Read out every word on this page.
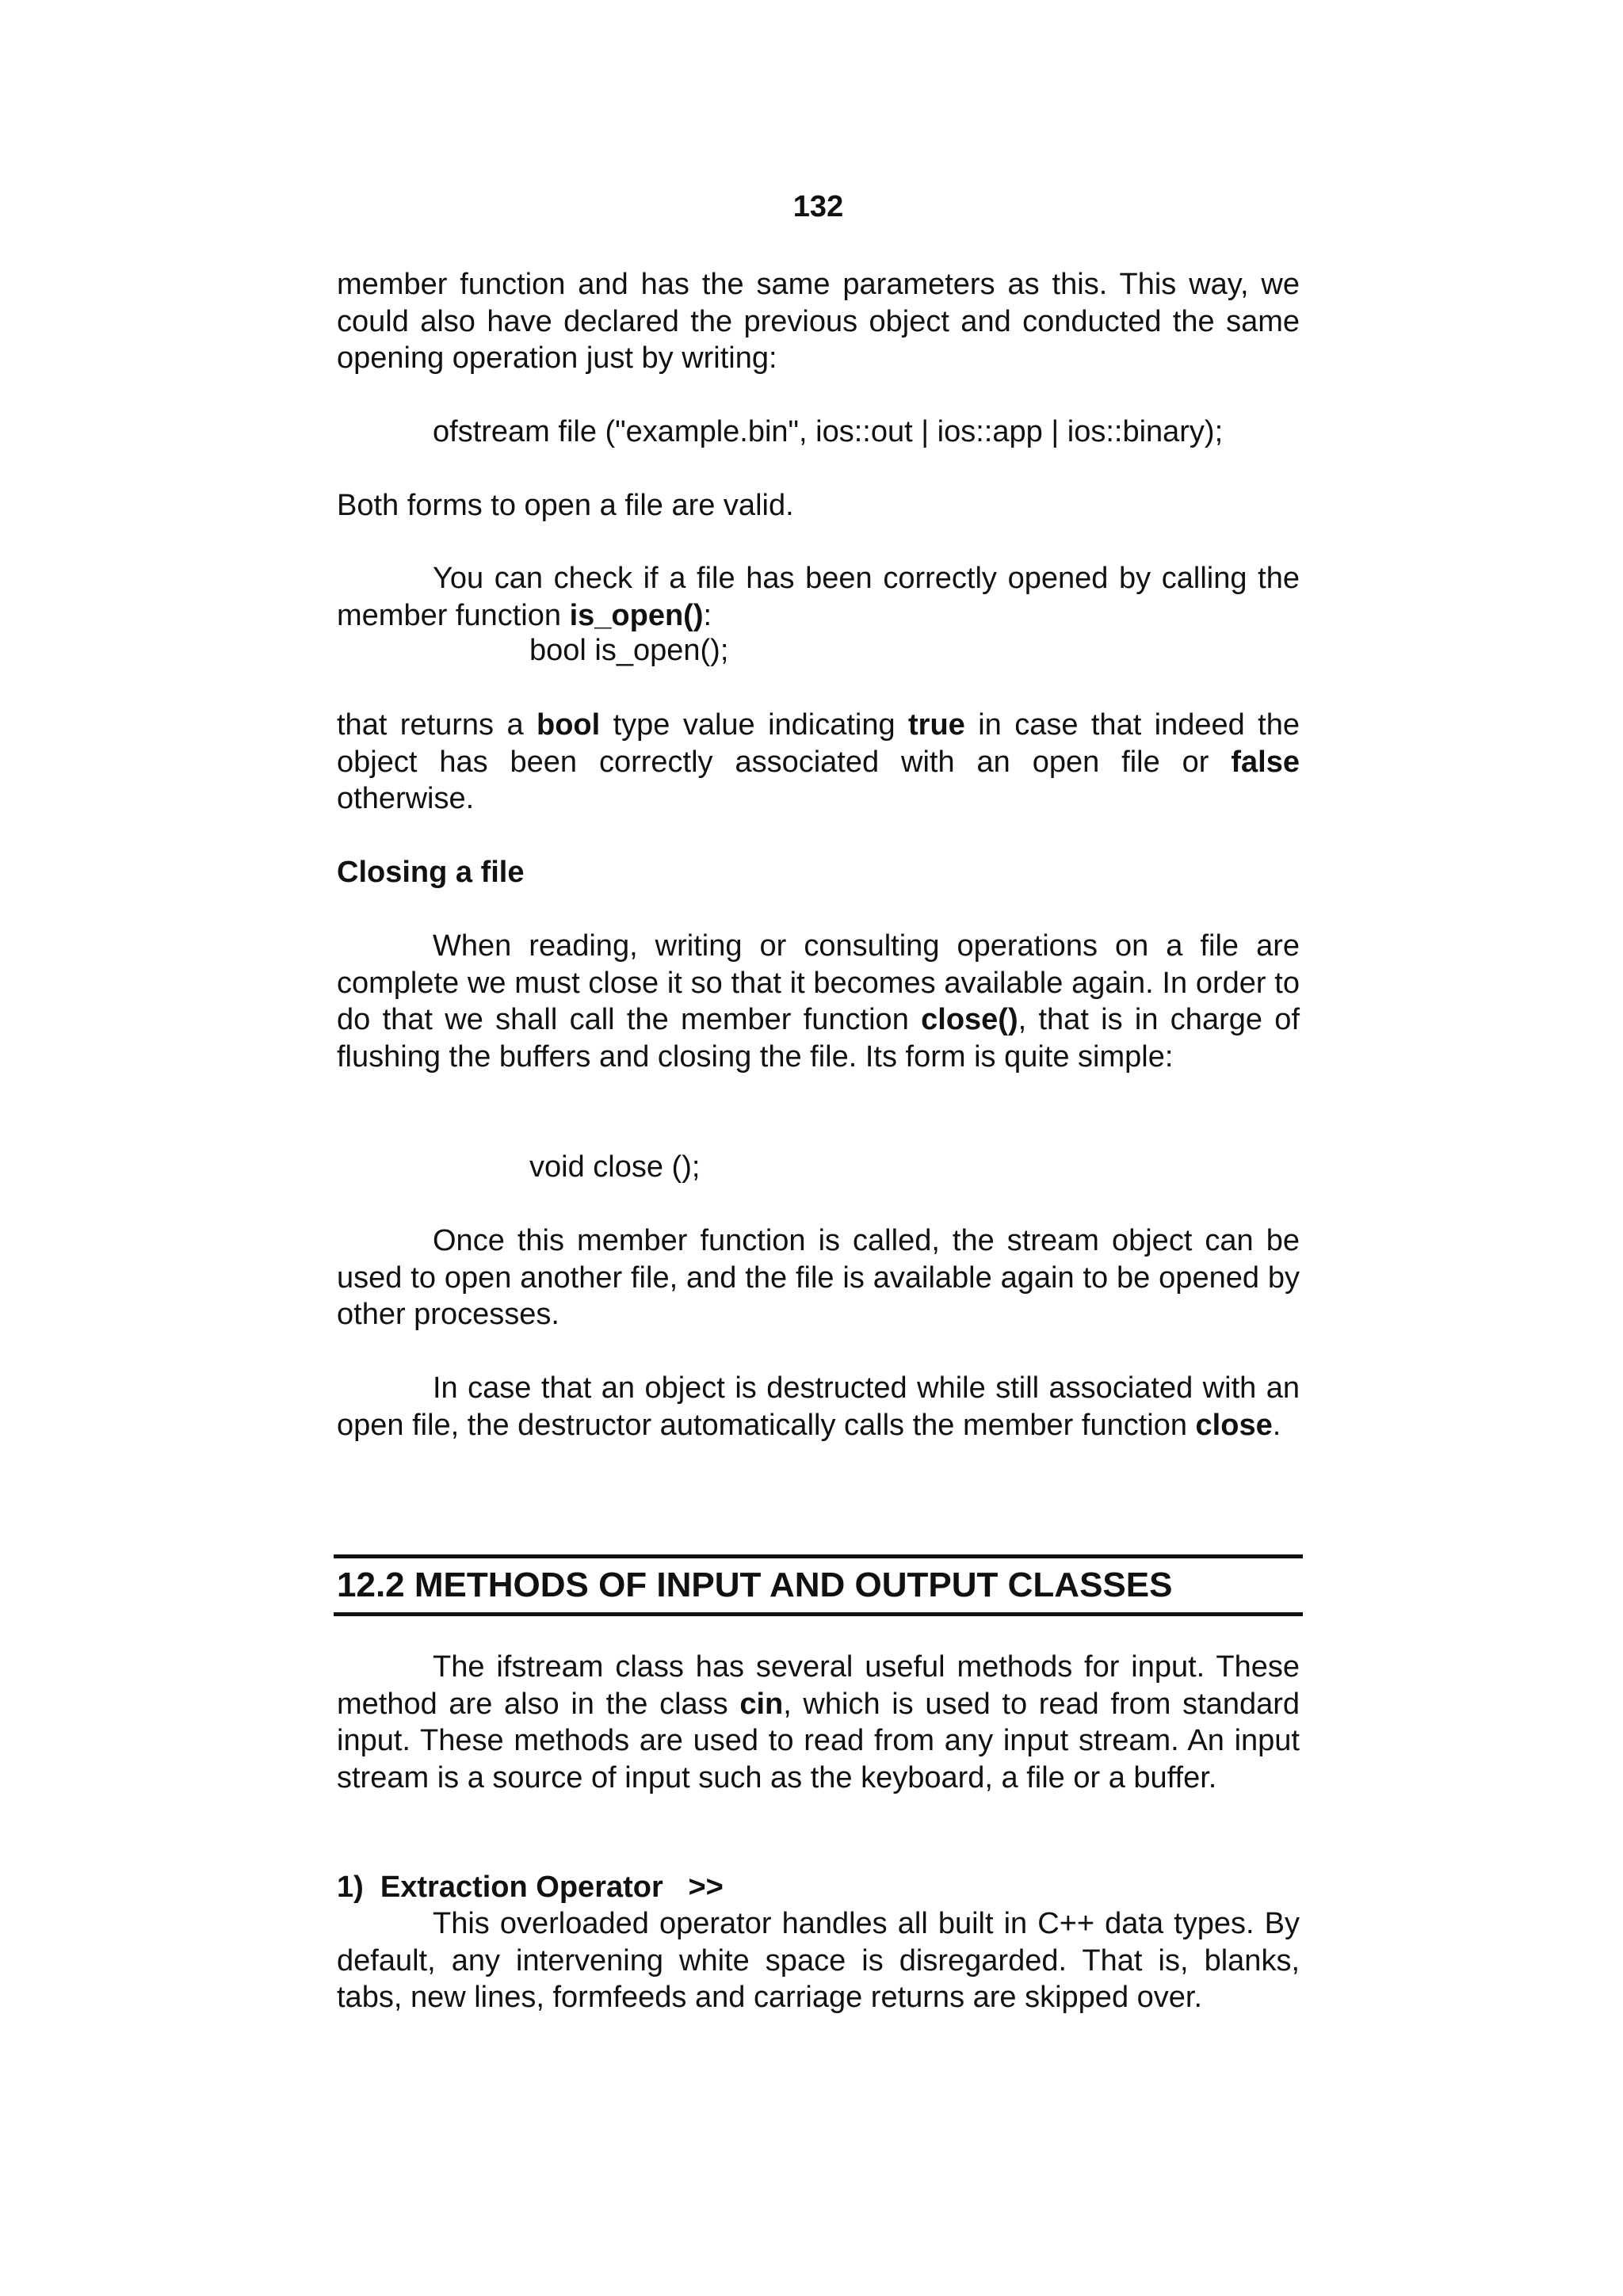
132

member function and has the same parameters as this. This way, we could also have declared the previous object and conducted the same opening operation just by writing:

ofstream file ("example.bin", ios::out | ios::app | ios::binary);

Both forms to open a file are valid.

You can check if a file has been correctly opened by calling the member function is_open():

bool is_open();

that returns a bool type value indicating true in case that indeed the object has been correctly associated with an open file or false otherwise.

Closing a file

When reading, writing or consulting operations on a file are complete we must close it so that it becomes available again. In order to do that we shall call the member function close(), that is in charge of flushing the buffers and closing the file. Its form is quite simple:

void close ();

Once this member function is called, the stream object can be used to open another file, and the file is available again to be opened by other processes.

In case that an object is destructed while still associated with an open file, the destructor automatically calls the member function close.

12.2 METHODS OF INPUT AND OUTPUT CLASSES

The ifstream class has several useful methods for input. These method are also in the class cin, which is used to read from standard input. These methods are used to read from any input stream. An input stream is a source of input such as the keyboard, a file or a buffer.

1)  Extraction Operator   >>

This overloaded operator handles all built in C++ data types. By default, any intervening white space is disregarded. That is, blanks, tabs, new lines, formfeeds and carriage returns are skipped over.
